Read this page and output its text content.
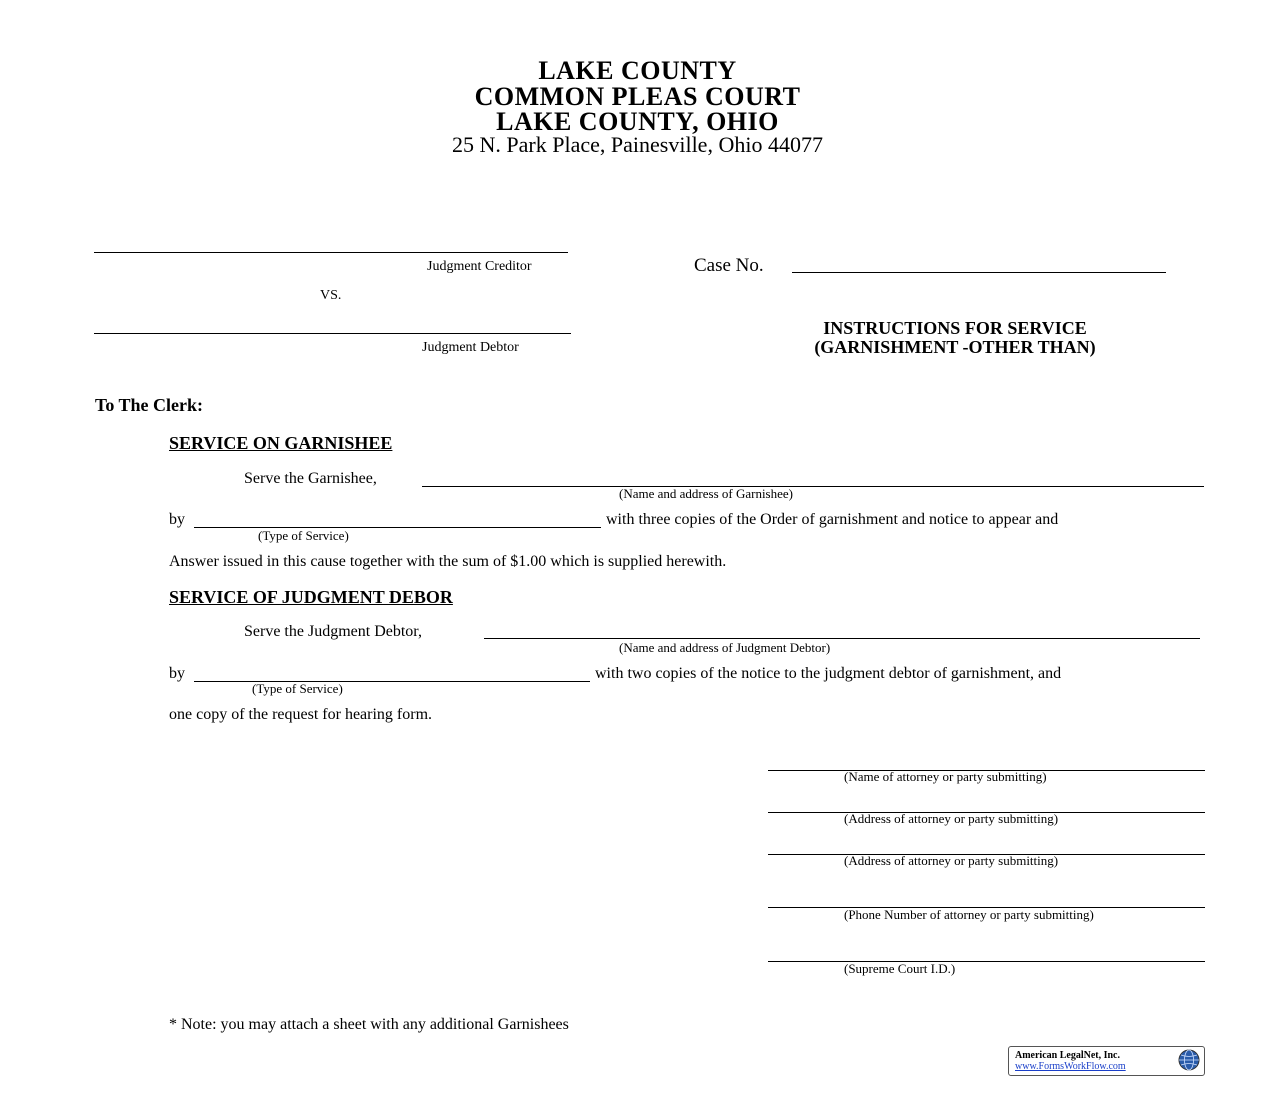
LAKE COUNTY
COMMON PLEAS COURT
LAKE COUNTY, OHIO
25 N. Park Place, Painesville, Ohio 44077
Judgment Creditor
VS.
Judgment Debtor
Case No.
INSTRUCTIONS FOR SERVICE
(GARNISHMENT -OTHER THAN)
To The Clerk:
SERVICE ON GARNISHEE
Serve the Garnishee,
(Name and address of Garnishee)
by	with three copies of the Order of garnishment and notice to appear and
(Type of Service)
Answer issued in this cause together with the sum of $1.00 which is supplied herewith.
SERVICE OF JUDGMENT DEBOR
Serve the Judgment Debtor,
(Name and address of Judgment Debtor)
by	with two copies of the notice to the judgment debtor of garnishment, and
(Type of Service)
one copy of the request for hearing form.
(Name of attorney or party submitting)
(Address of attorney or party submitting)
(Address of attorney or party submitting)
(Phone Number of attorney or party submitting)
(Supreme Court I.D.)
* Note: you may attach a sheet with any additional Garnishees
American LegalNet, Inc.
www.FormsWorkFlow.com
